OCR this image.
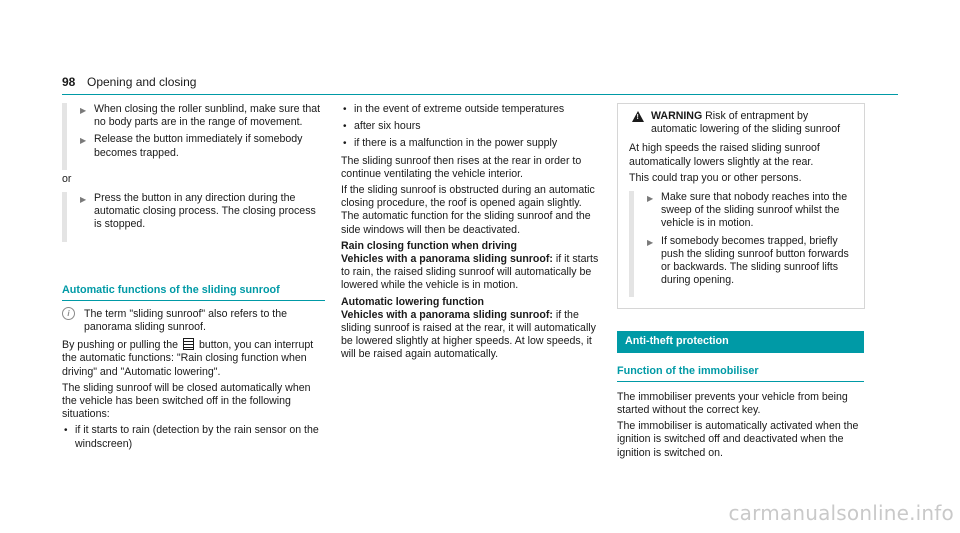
98 Opening and closing
▶ When closing the roller sunblind, make sure that no body parts are in the range of movement.
▶ Release the button immediately if somebody becomes trapped.
or
▶ Press the button in any direction during the automatic closing process. The closing process is stopped.
Automatic functions of the sliding sunroof
i	The term "sliding sunroof" also refers to the panorama sliding sunroof.

By pushing or pulling the button, you can interrupt the automatic functions: "Rain closing function when driving" and "Automatic lowering".

The sliding sunroof will be closed automatically when the vehicle has been switched off in the following situations:

• if it starts to rain (detection by the rain sensor on the windscreen)
• in the event of extreme outside temperatures
• after six hours
• if there is a malfunction in the power supply

The sliding sunroof then rises at the rear in order to continue ventilating the vehicle interior.

If the sliding sunroof is obstructed during an automatic closing procedure, the roof is opened again slightly. The automatic function for the sliding sunroof and the side windows will then be deactivated.

Rain closing function when driving

Vehicles with a panorama sliding sunroof: if it starts to rain, the raised sliding sunroof will automatically be lowered while the vehicle is in motion.

Automatic lowering function

Vehicles with a panorama sliding sunroof: if the sliding sunroof is raised at the rear, it will automatically be lowered slightly at higher speeds. At low speeds, it will be raised again automatically.

! WARNING Risk of entrapment by automatic lowering of the sliding sunroof

At high speeds the raised sliding sunroof automatically lowers slightly at the rear.

This could trap you or other persons.

▶ Make sure that nobody reaches into the sweep of the sliding sunroof whilst the vehicle is in motion.
▶ If somebody becomes trapped, briefly push the sliding sunroof button forwards or backwards. The sliding sunroof lifts during opening.
Anti-theft protection
Function of the immobiliser

The immobiliser prevents your vehicle from being started without the correct key.

The immobiliser is automatically activated when the ignition is switched off and deactivated when the ignition is switched on.

carmanualsonline.info
